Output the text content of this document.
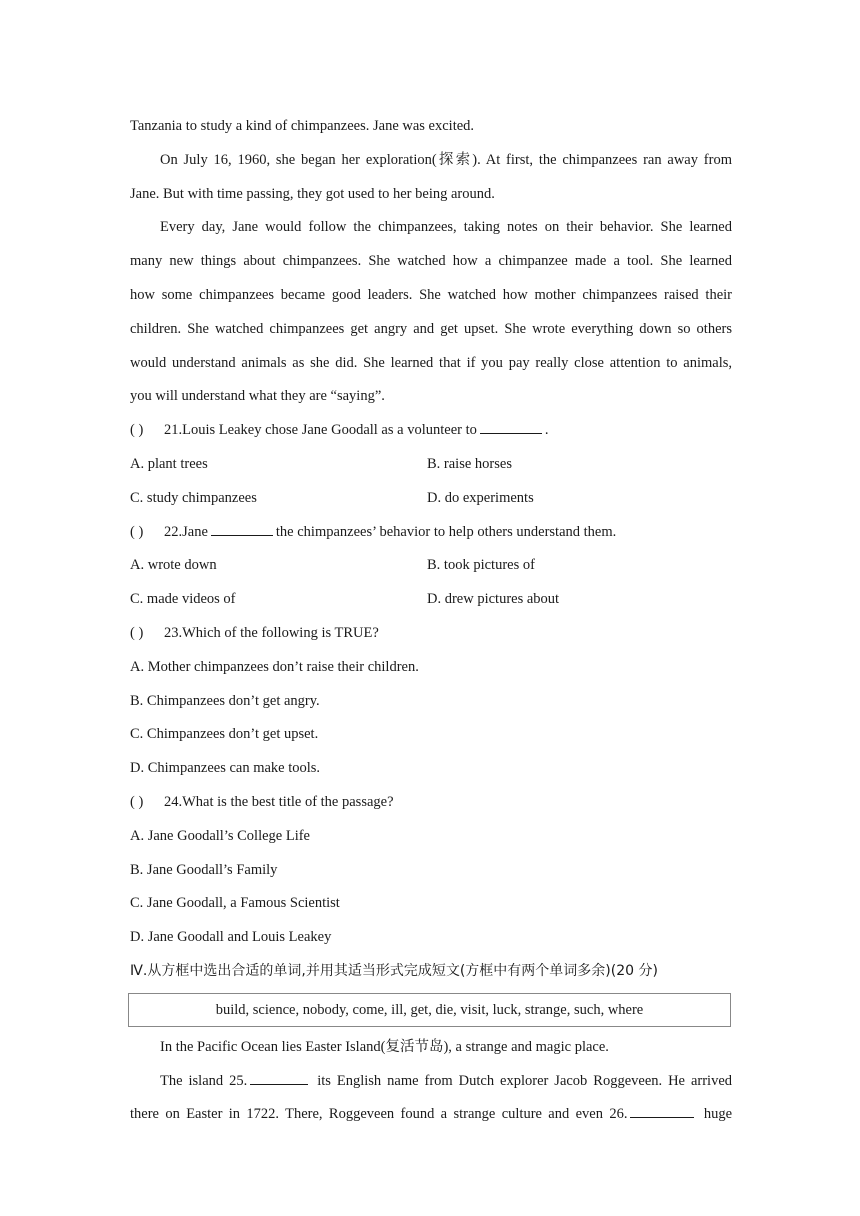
Tanzania to study a kind of chimpanzees. Jane was excited.
On July 16, 1960, she began her exploration(探索). At first, the chimpanzees ran away from
Jane. But with time passing, they got used to her being around.
Every day, Jane would follow the chimpanzees, taking notes on their behavior. She learned
many new things about chimpanzees. She watched how a chimpanzee made a tool. She learned
how some chimpanzees became good leaders. She watched how mother chimpanzees raised their
children. She watched chimpanzees get angry and get upset. She wrote everything down so others
would understand animals as she did. She learned that if you pay really close attention to animals,
you will understand what they are “saying”.
( ) 21.Louis Leakey chose Jane Goodall as a volunteer to	.
A. plant trees	B. raise horses
C. study chimpanzees	D. do experiments
( ) 22.Jane	the chimpanzees’ behavior to help others understand them.
A. wrote down	B. took pictures of
C. made videos of	D. drew pictures about
( ) 23.Which of the following is TRUE?
A. Mother chimpanzees don’t raise their children.
B. Chimpanzees don’t get angry.
C. Chimpanzees don’t get upset.
D. Chimpanzees can make tools.
( ) 24.What is the best title of the passage?
A. Jane Goodall’s College Life
B. Jane Goodall’s Family
C. Jane Goodall, a Famous Scientist
D. Jane Goodall and Louis Leakey
Ⅳ.从方框中选出合适的单词,并用其适当形式完成短文(方框中有两个单词多余)(20 分)
build, science, nobody, come, ill, get, die, visit, luck, strange, such, where
In the Pacific Ocean lies Easter Island(复活节岛), a strange and magic place.
The island 25.	its English name from Dutch explorer Jacob Roggeveen. He arrived
there on Easter in 1722. There, Roggeveen found a strange culture and even 26.	huge
